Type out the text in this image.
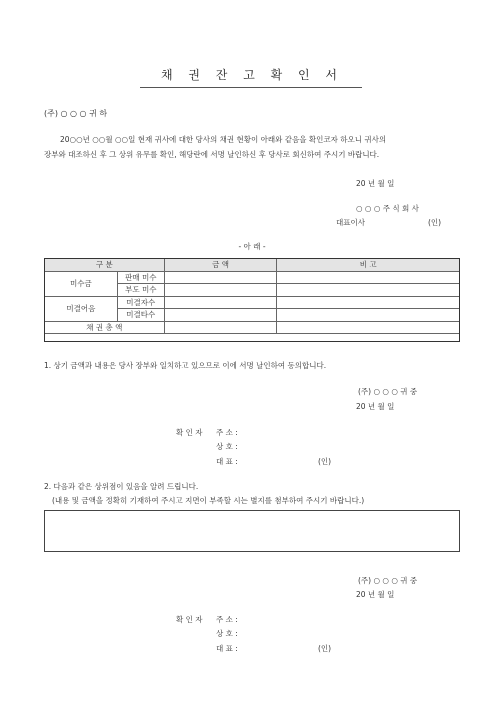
채 권 잔 고 확 인 서
(주) ○ ○ ○ 귀 하
20○○년 ○○월 ○○일 현재 귀사에 대한 당사의 채권 현황이 아래와 같음을 확인코자 하오니 귀사의
장부와 대조하신 후 그 상위 유무를 확인, 해당란에 서명 날인하신 후 당사로 회신하여 주시기 바랍니다.
20 년 월 일
○ ○ ○ 주 식 회 사
대표이사	(인)
- 아 래 -
구 분		금 액	비 고
미수금	판매 미수		
	부도 미수		
미결어음	미결자수		
	미결타수		
채 권 총 액			
1. 상기 금액과 내용은 당사 장부와 일치하고 있으므로 이에 서명 날인하여 동의합니다.
(주) ○ ○ ○ 귀 중
20 년 월 일
확 인 자 주 소 :
상 호 :
대 표 :	(인)
2. 다음과 같은 상위점이 있음을 알려 드립니다.
(내용 및 금액을 정확히 기재하여 주시고 지면이 부족할 시는 별지를 첨부하여 주시기 바랍니다.)
(주) ○ ○ ○ 귀 중
20 년 월 일
확 인 자 주 소 :
상 호 :
대 표 :	(인)
